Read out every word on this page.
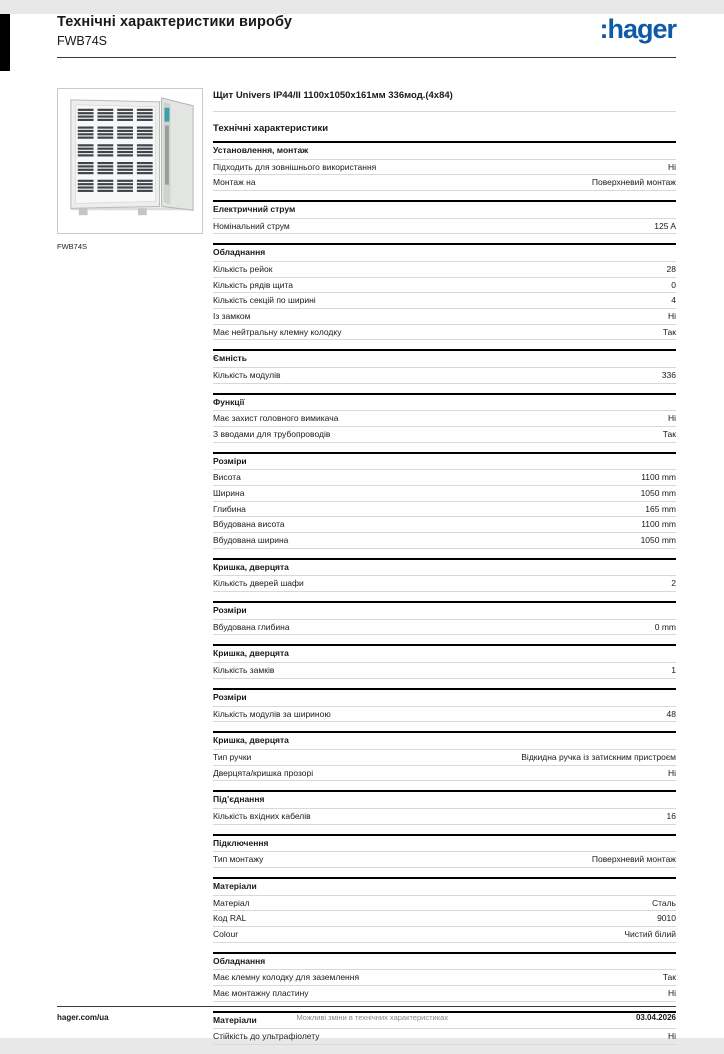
Технічні характеристики виробу
FWB74S	:hager
FWB74S
Щит Univers IP44/II 1100x1050x161мм 336мод.(4x84)
Технічні характеристики
Установлення, монтаж
Підходить для зовнішнього використання	Ні
Монтаж на	Поверхневий монтаж
Електричний струм
Номінальний струм	125 A
Обладнання
Кількість рейок	28
Кількість рядів щита	0
Кількість секцій по ширині	4
Із замком	Ні
Має нейтральну клемну колодку	Так
Ємність
Кількість модулів	336
Функції
Має захист головного вимикача	Ні
З вводами для трубопроводів	Так
Розміри
Висота	1100 mm
Ширина	1050 mm
Глибина	165 mm
Вбудована висота	1100 mm
Вбудована ширина	1050 mm
Кришка, дверцята
Кількість дверей шафи	2
Розміри
Вбудована глибина	0 mm
Кришка, дверцята
Кількість замків	1
Розміри
Кількість модулів за шириною	48
Кришка, дверцята
Тип ручки	Відкидна ручка із затискним пристроєм
Дверцята/кришка прозорі	Ні
Під’єднання
Кількість вхідних кабелів	16
Підключення
Тип монтажу	Поверхневий монтаж
Матеріали
Матеріал	Сталь
Код RAL	9010
Colour	Чистий білий
Обладнання
Має клемну колодку для заземлення	Так
Має монтажну пластину	Ні
Матеріали
Стійкість до ультрафіолету	Ні
hager.com/ua	Можливі зміни в технічних характеристиках	03.04.2026
